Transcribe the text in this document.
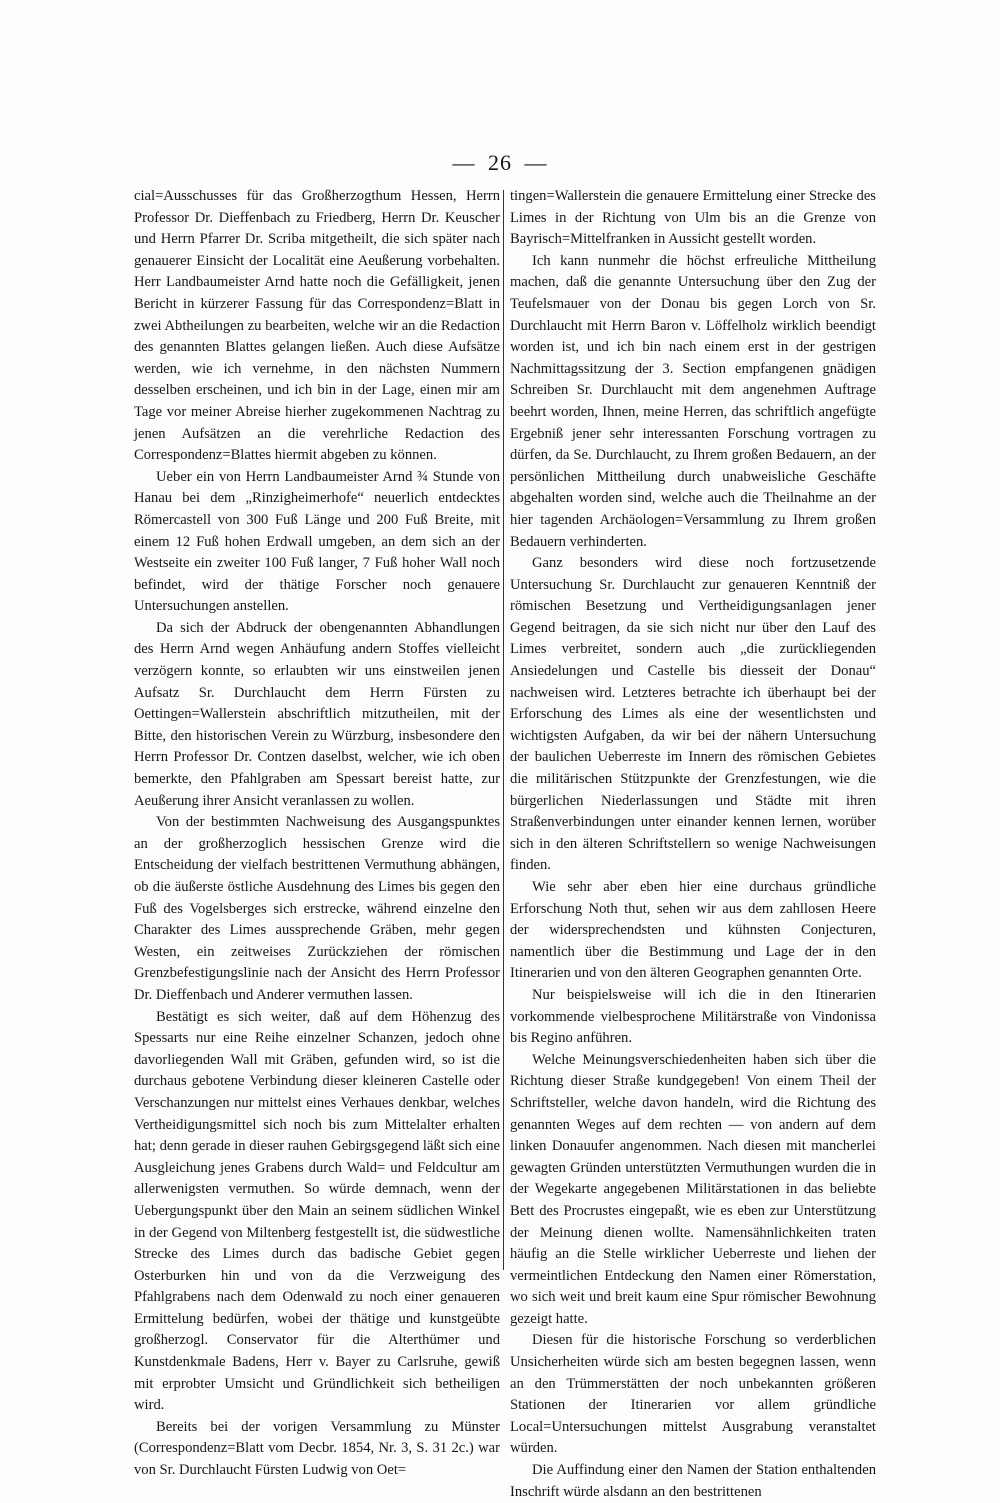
— 26 —

cial=Ausschusses für das Großherzogthum Hessen, Herrn Professor Dr. Dieffenbach zu Friedberg, Herrn Dr. Keuscher und Herrn Pfarrer Dr. Scriba mitgetheilt, die sich später nach genauerer Einsicht der Localität eine Aeußerung vorbehalten. Herr Landbaumeister Arnd hatte noch die Gefälligkeit, jenen Bericht in kürzerer Fassung für das Correspondenz=Blatt in zwei Abtheilungen zu bearbeiten, welche wir an die Redaction des genannten Blattes gelangen ließen. Auch diese Aufsätze werden, wie ich vernehme, in den nächsten Nummern desselben erscheinen, und ich bin in der Lage, einen mir am Tage vor meiner Abreise hierher zugekommenen Nachtrag zu jenen Aufsätzen an die verehrliche Redaction des Correspondenz=Blattes hiermit abgeben zu können.

Ueber ein von Herrn Landbaumeister Arnd ¾ Stunde von Hanau bei dem „Rinzigheimerhofe“ neuerlich entdecktes Römercastell von 300 Fuß Länge und 200 Fuß Breite, mit einem 12 Fuß hohen Erdwall umgeben, an dem sich an der Westseite ein zweiter 100 Fuß langer, 7 Fuß hoher Wall noch befindet, wird der thätige Forscher noch genauere Untersuchungen anstellen.

Da sich der Abdruck der obengenannten Abhandlungen des Herrn Arnd wegen Anhäufung andern Stoffes vielleicht verzögern konnte, so erlaubten wir uns einstweilen jenen Aufsatz Sr. Durchlaucht dem Herrn Fürsten zu Oettingen=Wallerstein abschriftlich mitzutheilen, mit der Bitte, den historischen Verein zu Würzburg, insbesondere den Herrn Professor Dr. Contzen daselbst, welcher, wie ich oben bemerkte, den Pfahlgraben am Spessart bereist hatte, zur Aeußerung ihrer Ansicht veranlassen zu wollen.

Von der bestimmten Nachweisung des Ausgangspunktes an der großherzoglich hessischen Grenze wird die Entscheidung der vielfach bestrittenen Vermuthung abhängen, ob die äußerste östliche Ausdehnung des Limes bis gegen den Fuß des Vogelsberges sich erstrecke, während einzelne den Charakter des Limes aussprechende Gräben, mehr gegen Westen, ein zeitweises Zurückziehen der römischen Grenzbefestigungslinie nach der Ansicht des Herrn Professor Dr. Dieffenbach und Anderer vermuthen lassen.

Bestätigt es sich weiter, daß auf dem Höhenzug des Spessarts nur eine Reihe einzelner Schanzen, jedoch ohne davorliegenden Wall mit Gräben, gefunden wird, so ist die durchaus gebotene Verbindung dieser kleineren Castelle oder Verschanzungen nur mittelst eines Verhaues denkbar, welches Vertheidigungsmittel sich noch bis zum Mittelalter erhalten hat; denn gerade in dieser rauhen Gebirgsgegend läßt sich eine Ausgleichung jenes Grabens durch Wald= und Feldcultur am allerwenigsten vermuthen. So würde demnach, wenn der Uebergungspunkt über den Main an seinem südlichen Winkel in der Gegend von Miltenberg festgestellt ist, die südwestliche Strecke des Limes durch das badische Gebiet gegen Osterburken hin und von da die Verzweigung des Pfahlgrabens nach dem Odenwald zu noch einer genaueren Ermittelung bedürfen, wobei der thätige und kunstgeübte großherzogl. Conservator für die Alterthümer und Kunstdenkmale Badens, Herr v. Bayer zu Carlsruhe, gewiß mit erprobter Umsicht und Gründlichkeit sich betheiligen wird.

Bereits bei der vorigen Versammlung zu Münster (Correspondenz=Blatt vom Decbr. 1854, Nr. 3, S. 31 2c.) war von Sr. Durchlaucht Fürsten Ludwig von Oet=

tingen=Wallerstein die genauere Ermittelung einer Strecke des Limes in der Richtung von Ulm bis an die Grenze von Bayrisch=Mittelfranken in Aussicht gestellt worden.

Ich kann nunmehr die höchst erfreuliche Mittheilung machen, daß die genannte Untersuchung über den Zug der Teufelsmauer von der Donau bis gegen Lorch von Sr. Durchlaucht mit Herrn Baron v. Löffelholz wirklich beendigt worden ist, und ich bin nach einem erst in der gestrigen Nachmittagssitzung der 3. Section empfangenen gnädigen Schreiben Sr. Durchlaucht mit dem angenehmen Auftrage beehrt worden, Ihnen, meine Herren, das schriftlich angefügte Ergebniß jener sehr interessanten Forschung vortragen zu dürfen, da Se. Durchlaucht, zu Ihrem großen Bedauern, an der persönlichen Mittheilung durch unabweisliche Geschäfte abgehalten worden sind, welche auch die Theilnahme an der hier tagenden Archäologen=Versammlung zu Ihrem großen Bedauern verhinderten.

Ganz besonders wird diese noch fortzusetzende Untersuchung Sr. Durchlaucht zur genaueren Kenntniß der römischen Besetzung und Vertheidigungsanlagen jener Gegend beitragen, da sie sich nicht nur über den Lauf des Limes verbreitet, sondern auch „die zurückliegenden Ansiedelungen und Castelle bis diesseit der Donau“ nachweisen wird. Letzteres betrachte ich überhaupt bei der Erforschung des Limes als eine der wesentlichsten und wichtigsten Aufgaben, da wir bei der nähern Untersuchung der baulichen Ueberreste im Innern des römischen Gebietes die militärischen Stützpunkte der Grenzfestungen, wie die bürgerlichen Niederlassungen und Städte mit ihren Straßenverbindungen unter einander kennen lernen, worüber sich in den älteren Schriftstellern so wenige Nachweisungen finden.

Wie sehr aber eben hier eine durchaus gründliche Erforschung Noth thut, sehen wir aus dem zahllosen Heere der widersprechendsten und kühnsten Conjecturen, namentlich über die Bestimmung und Lage der in den Itinerarien und von den älteren Geographen genannten Orte.

Nur beispielsweise will ich die in den Itinerarien vorkommende vielbesprochene Militärstraße von Vindonissa bis Regino anführen.

Welche Meinungsverschiedenheiten haben sich über die Richtung dieser Straße kundgegeben! Von einem Theil der Schriftsteller, welche davon handeln, wird die Richtung des genannten Weges auf dem rechten — von andern auf dem linken Donauufer angenommen. Nach diesen mit mancherlei gewagten Gründen unterstützten Vermuthungen wurden die in der Wegekarte angegebenen Militärstationen in das beliebte Bett des Procrustes eingepaßt, wie es eben zur Unterstützung der Meinung dienen wollte. Namensähnlichkeiten traten häufig an die Stelle wirklicher Ueberreste und liehen der vermeintlichen Entdeckung den Namen einer Römerstation, wo sich weit und breit kaum eine Spur römischer Bewohnung gezeigt hatte.

Diesen für die historische Forschung so verderblichen Unsicherheiten würde sich am besten begegnen lassen, wenn an den Trümmerstätten der noch unbekannten größeren Stationen der Itinerarien vor allem gründliche Local=Untersuchungen mittelst Ausgrabung veranstaltet würden.

Die Auffindung einer den Namen der Station enthaltenden Inschrift würde alsdann an den bestrittenen
